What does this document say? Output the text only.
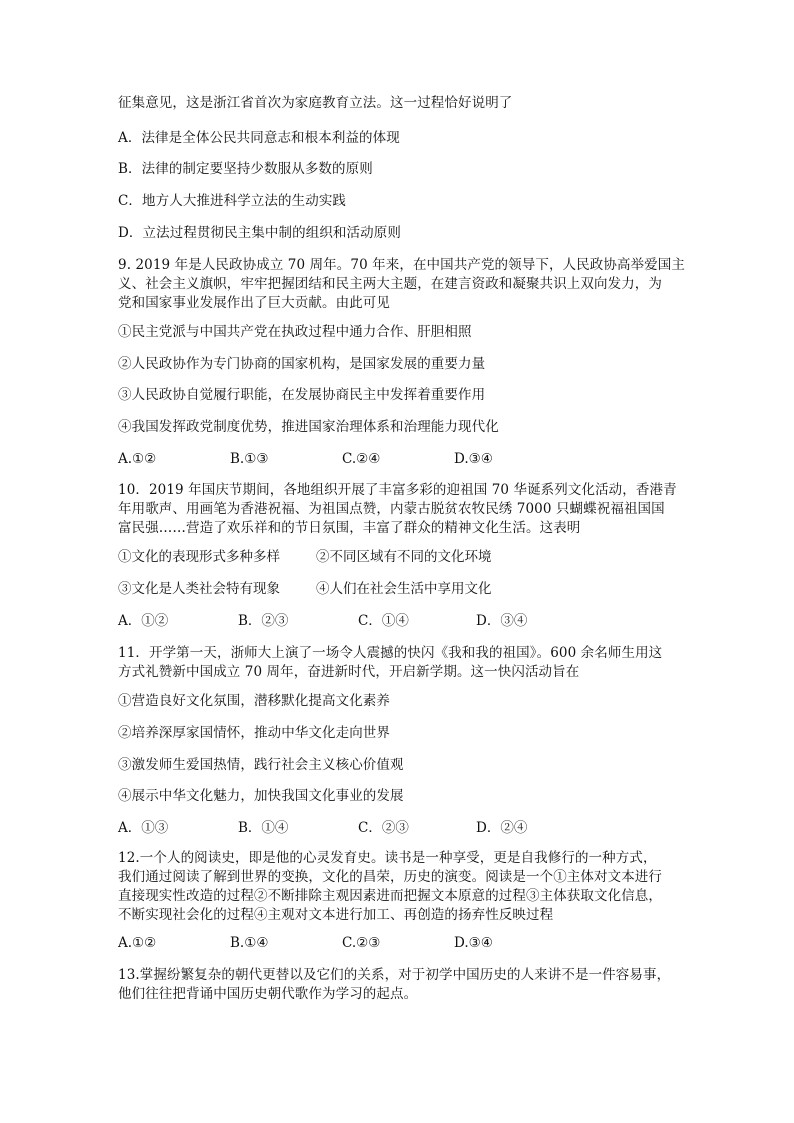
征集意见，这是浙江省首次为家庭教育立法。这一过程恰好说明了
A．法律是全体公民共同意志和根本利益的体现
B．法律的制定要坚持少数服从多数的原则
C．地方人大推进科学立法的生动实践
D．立法过程贯彻民主集中制的组织和活动原则
9. 2019 年是人民政协成立 70 周年。70 年来，在中国共产党的领导下，人民政协高举爱国主
义、社会主义旗帜，牢牢把握团结和民主两大主题，在建言资政和凝聚共识上双向发力，为
党和国家事业发展作出了巨大贡献。由此可见
①民主党派与中国共产党在执政过程中通力合作、肝胆相照
②人民政协作为专门协商的国家机构，是国家发展的重要力量
③人民政协自觉履行职能，在发展协商民主中发挥着重要作用
④我国发挥政党制度优势，推进国家治理体系和治理能力现代化
A.①②	B.①③	C.②④	D.③④
10．2019 年国庆节期间，各地组织开展了丰富多彩的迎祖国 70 华诞系列文化活动，香港青
年用歌声、用画笔为香港祝福、为祖国点赞，内蒙古脱贫农牧民绣 7000 只蝴蝶祝福祖国国
富民强……营造了欢乐祥和的节日氛围，丰富了群众的精神文化生活。这表明
①文化的表现形式多种多样	②不同区域有不同的文化环境
③文化是人类社会特有现象	④人们在社会生活中享用文化
A．①②	B．②③	C．①④	D．③④
11．开学第一天，浙师大上演了一场令人震撼的快闪《我和我的祖国》。600 余名师生用这
方式礼赞新中国成立 70 周年，奋进新时代，开启新学期。这一快闪活动旨在
①营造良好文化氛围，潜移默化提高文化素养
②培养深厚家国情怀，推动中华文化走向世界
③激发师生爱国热情，践行社会主义核心价值观
④展示中华文化魅力，加快我国文化事业的发展
A．①③	B．①④	C．②③	D．②④
12.一个人的阅读史，即是他的心灵发育史。读书是一种享受，更是自我修行的一种方式，
我们通过阅读了解到世界的变换，文化的昌荣，历史的演变。阅读是一个①主体对文本进行
直接现实性改造的过程②不断排除主观因素进而把握文本原意的过程③主体获取文化信息，
不断实现社会化的过程④主观对文本进行加工、再创造的扬弃性反映过程
A.①②	B.①④	C.②③	D.③④
13.掌握纷繁复杂的朝代更替以及它们的关系，对于初学中国历史的人来讲不是一件容易事，
他们往往把背诵中国历史朝代歌作为学习的起点。
